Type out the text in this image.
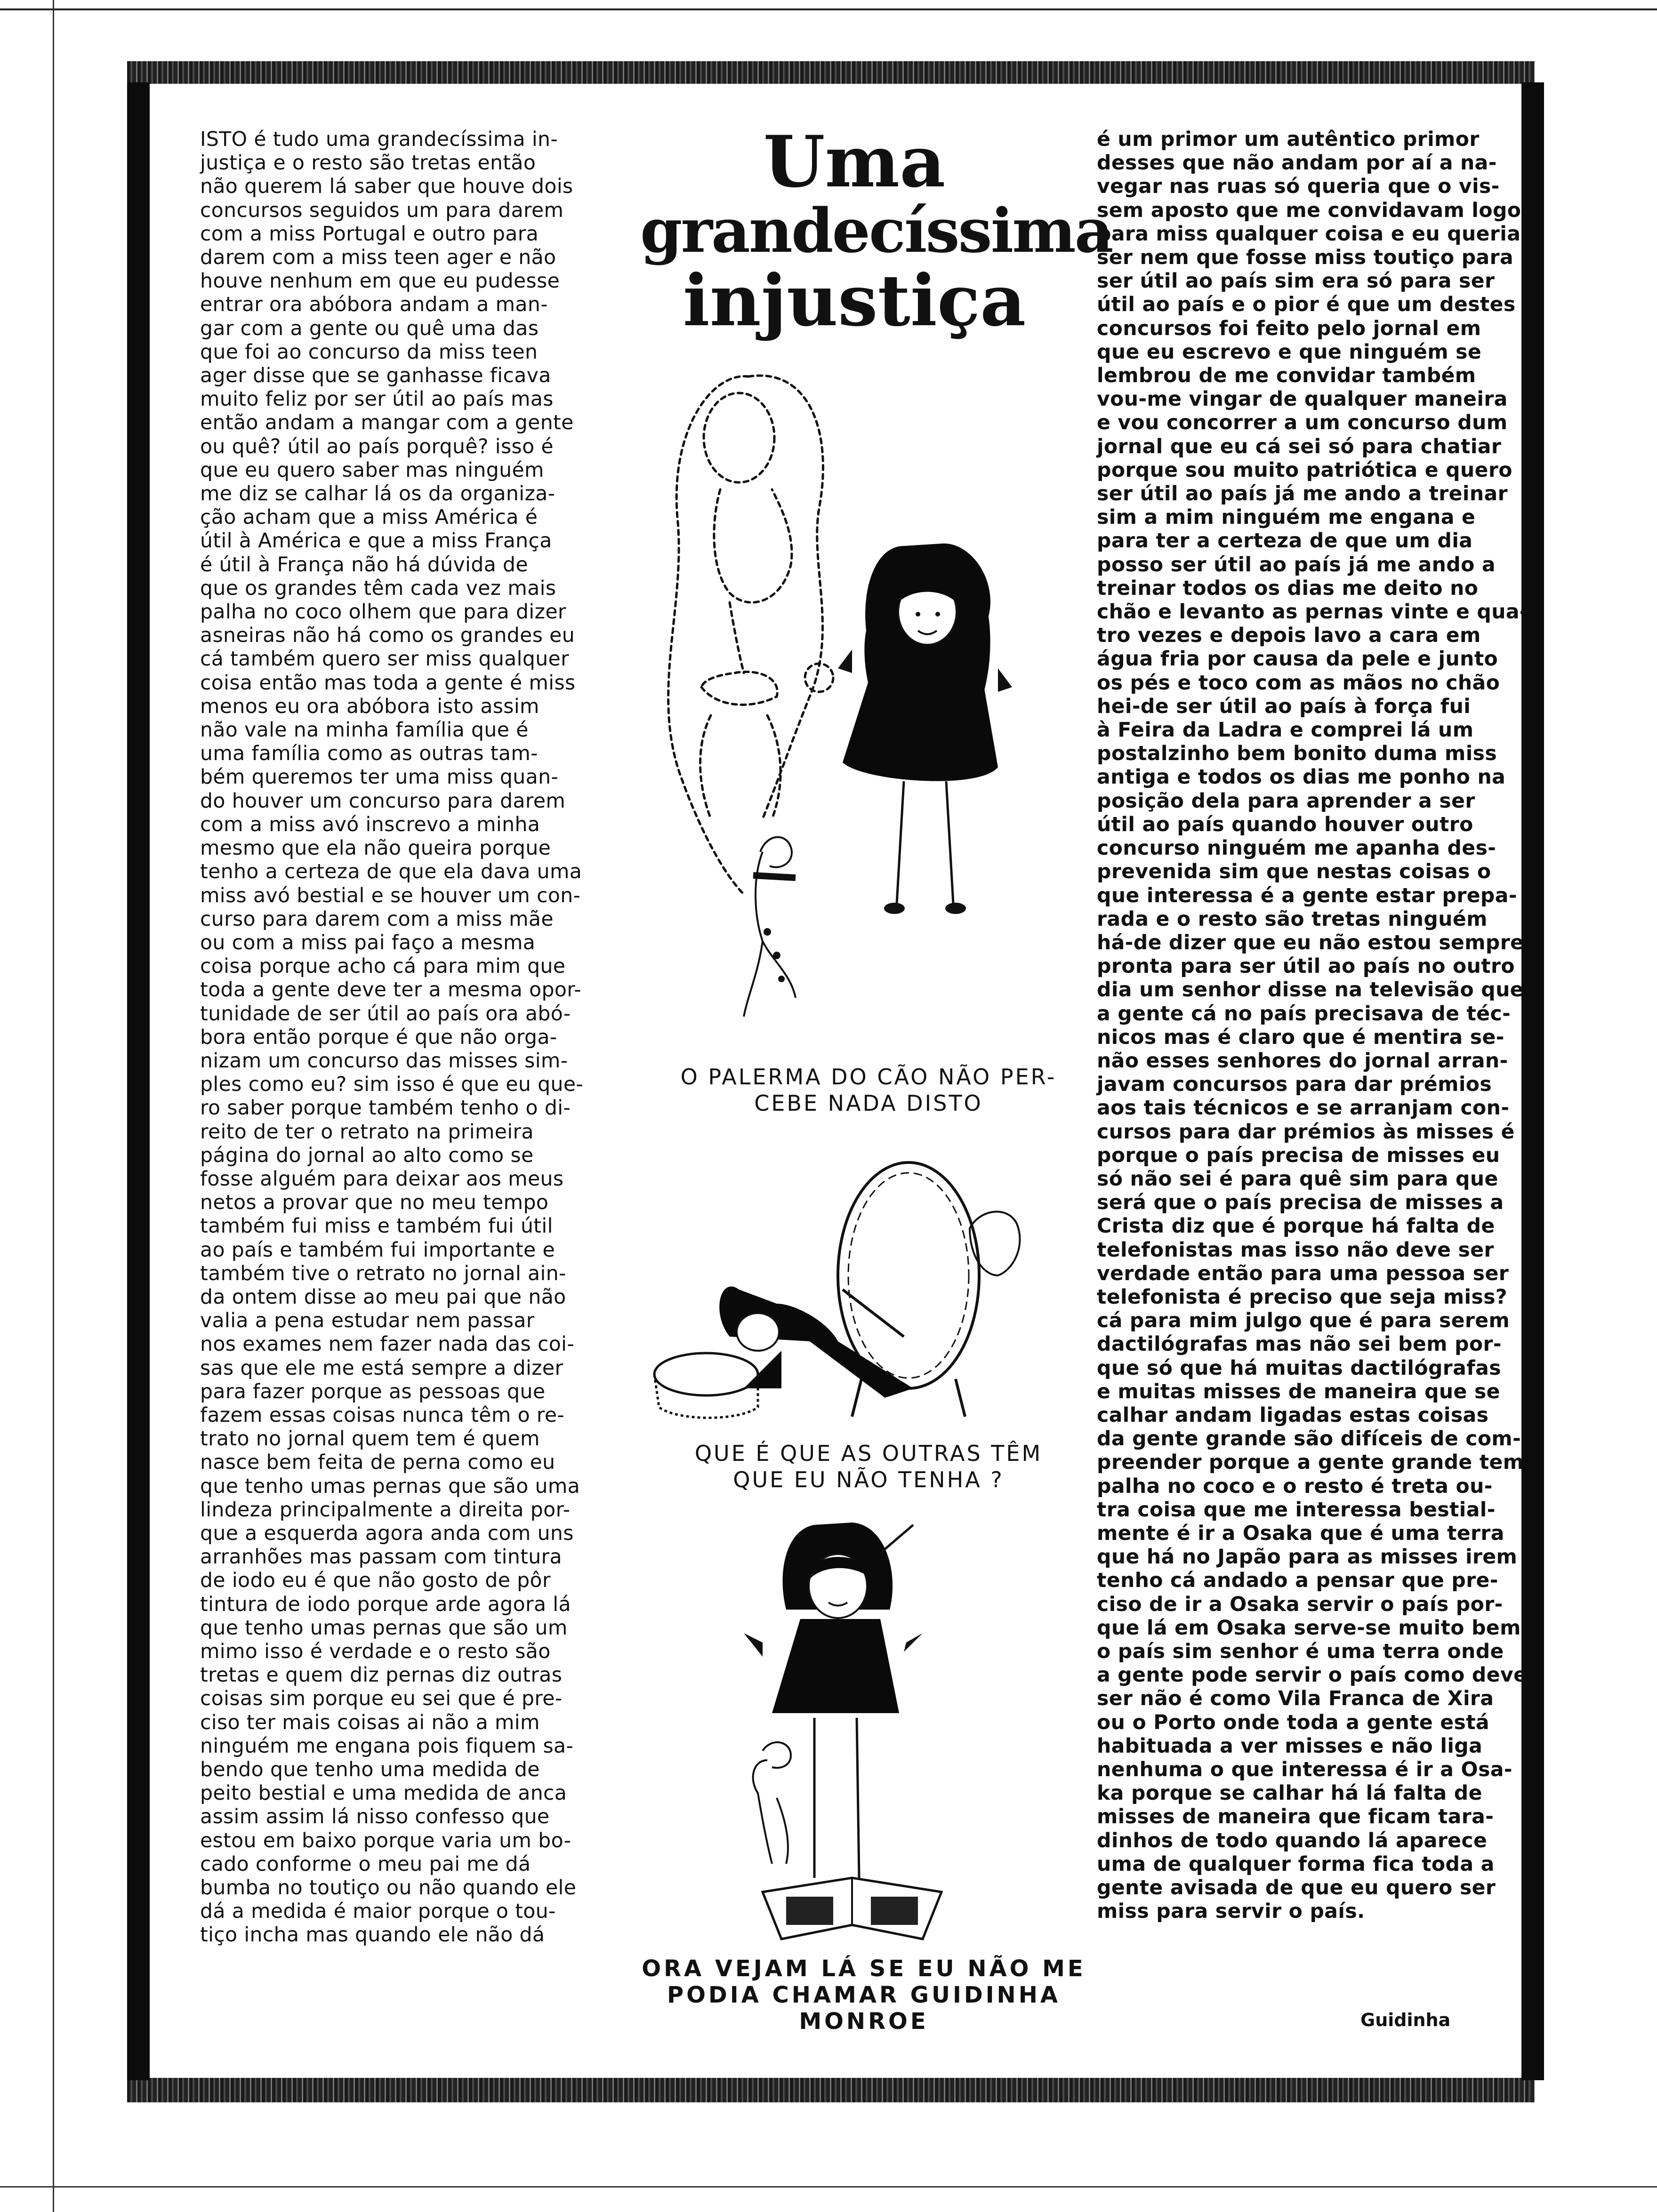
ISTO é tudo uma grandecíssima in-
justiça e o resto são tretas então
não querem lá saber que houve dois
concursos seguidos um para darem
com a miss Portugal e outro para
darem com a miss teen ager e não
houve nenhum em que eu pudesse
entrar ora abóbora andam a man-
gar com a gente ou quê uma das
que foi ao concurso da miss teen
ager disse que se ganhasse ficava
muito feliz por ser útil ao país mas
então andam a mangar com a gente
ou quê? útil ao país porquê? isso é
que eu quero saber mas ninguém
me diz se calhar lá os da organiza-
ção acham que a miss América é
útil à América e que a miss França
é útil à França não há dúvida de
que os grandes têm cada vez mais
palha no coco olhem que para dizer
asneiras não há como os grandes eu
cá também quero ser miss qualquer
coisa então mas toda a gente é miss
menos eu ora abóbora isto assim
não vale na minha família que é
uma família como as outras tam-
bém queremos ter uma miss quan-
do houver um concurso para darem
com a miss avó inscrevo a minha
mesmo que ela não queira porque
tenho a certeza de que ela dava uma
miss avó bestial e se houver um con-
curso para darem com a miss mãe
ou com a miss pai faço a mesma
coisa porque acho cá para mim que
toda a gente deve ter a mesma opor-
tunidade de ser útil ao país ora abó-
bora então porque é que não orga-
nizam um concurso das misses sim-
ples como eu? sim isso é que eu que-
ro saber porque também tenho o di-
reito de ter o retrato na primeira
página do jornal ao alto como se
fosse alguém para deixar aos meus
netos a provar que no meu tempo
também fui miss e também fui útil
ao país e também fui importante e
também tive o retrato no jornal ain-
da ontem disse ao meu pai que não
valia a pena estudar nem passar
nos exames nem fazer nada das coi-
sas que ele me está sempre a dizer
para fazer porque as pessoas que
fazem essas coisas nunca têm o re-
trato no jornal quem tem é quem
nasce bem feita de perna como eu
que tenho umas pernas que são uma
lindeza principalmente a direita por-
que a esquerda agora anda com uns
arranhões mas passam com tintura
de iodo eu é que não gosto de pôr
tintura de iodo porque arde agora lá
que tenho umas pernas que são um
mimo isso é verdade e o resto são
tretas e quem diz pernas diz outras
coisas sim porque eu sei que é pre-
ciso ter mais coisas ai não a mim
ninguém me engana pois fiquem sa-
bendo que tenho uma medida de
peito bestial e uma medida de anca
assim assim lá nisso confesso que
estou em baixo porque varia um bo-
cado conforme o meu pai me dá
bumba no toutiço ou não quando ele
dá a medida é maior porque o tou-
tiço incha mas quando ele não dá
Uma
grandecíssima
injustiça

O PALERMA DO CÃO NÃO PER-
CEBE NADA DISTO

QUE É QUE AS OUTRAS TÊM
QUE EU NÃO TENHA ?

ORA VEJAM LÁ SE EU NÃO ME
PODIA CHAMAR GUIDINHA
MONROE

é um primor um autêntico primor
desses que não andam por aí a na-
vegar nas ruas só queria que o vis-
sem aposto que me convidavam logo
para miss qualquer coisa e eu queria
ser nem que fosse miss toutiço para
ser útil ao país sim era só para ser
útil ao país e o pior é que um destes
concursos foi feito pelo jornal em
que eu escrevo e que ninguém se
lembrou de me convidar também
vou-me vingar de qualquer maneira
e vou concorrer a um concurso dum
jornal que eu cá sei só para chatiar
porque sou muito patriótica e quero
ser útil ao país já me ando a treinar
sim a mim ninguém me engana e
para ter a certeza de que um dia
posso ser útil ao país já me ando a
treinar todos os dias me deito no
chão e levanto as pernas vinte e qua-
tro vezes e depois lavo a cara em
água fria por causa da pele e junto
os pés e toco com as mãos no chão
hei-de ser útil ao país à força fui
à Feira da Ladra e comprei lá um
postalzinho bem bonito duma miss
antiga e todos os dias me ponho na
posição dela para aprender a ser
útil ao país quando houver outro
concurso ninguém me apanha des-
prevenida sim que nestas coisas o
que interessa é a gente estar prepa-
rada e o resto são tretas ninguém
há-de dizer que eu não estou sempre
pronta para ser útil ao país no outro
dia um senhor disse na televisão que
a gente cá no país precisava de téc-
nicos mas é claro que é mentira se-
não esses senhores do jornal arran-
javam concursos para dar prémios
aos tais técnicos e se arranjam con-
cursos para dar prémios às misses é
porque o país precisa de misses eu
só não sei é para quê sim para que
será que o país precisa de misses a
Crista diz que é porque há falta de
telefonistas mas isso não deve ser
verdade então para uma pessoa ser
telefonista é preciso que seja miss?
cá para mim julgo que é para serem
dactilógrafas mas não sei bem por-
que só que há muitas dactilógrafas
e muitas misses de maneira que se
calhar andam ligadas estas coisas
da gente grande são difíceis de com-
preender porque a gente grande tem
palha no coco e o resto é treta ou-
tra coisa que me interessa bestial-
mente é ir a Osaka que é uma terra
que há no Japão para as misses irem
tenho cá andado a pensar que pre-
ciso de ir a Osaka servir o país por-
que lá em Osaka serve-se muito bem
o país sim senhor é uma terra onde
a gente pode servir o país como deve
ser não é como Vila Franca de Xira
ou o Porto onde toda a gente está
habituada a ver misses e não liga
nenhuma o que interessa é ir a Osa-
ka porque se calhar há lá falta de
misses de maneira que ficam tara-
dinhos de todo quando lá aparece
uma de qualquer forma fica toda a
gente avisada de que eu quero ser
miss para servir o país.
Guidinha
